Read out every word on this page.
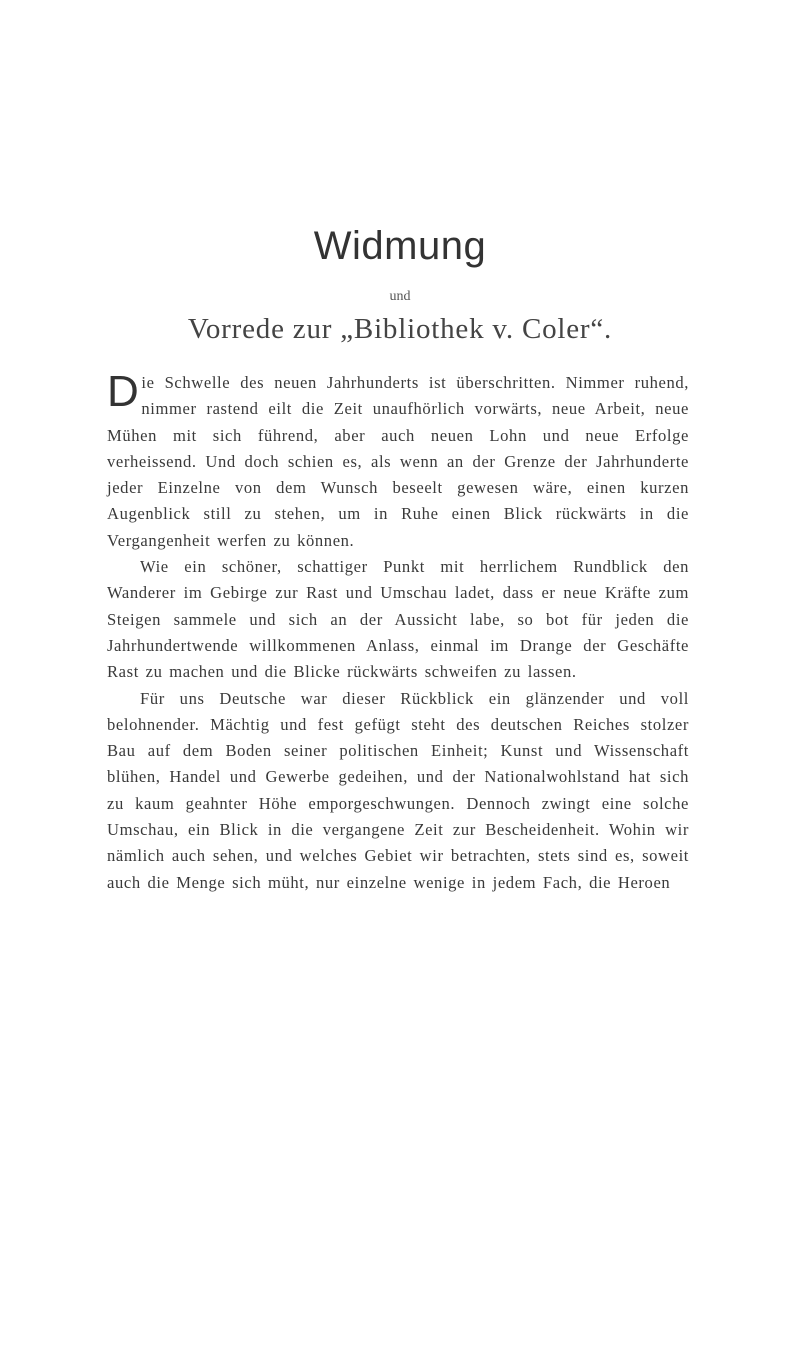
Widmung
und
Vorrede zur „Bibliothek v. Coler“.

Die Schwelle des neuen Jahrhunderts ist überschritten. Nimmer ruhend, nimmer rastend eilt die Zeit unaufhörlich vorwärts, neue Arbeit, neue Mühen mit sich führend, aber auch neuen Lohn und neue Erfolge verheissend. Und doch schien es, als wenn an der Grenze der Jahrhunderte jeder Einzelne von dem Wunsch beseelt gewesen wäre, einen kurzen Augenblick still zu stehen, um in Ruhe einen Blick rückwärts in die Vergangenheit werfen zu können.

Wie ein schöner, schattiger Punkt mit herrlichem Rundblick den Wanderer im Gebirge zur Rast und Umschau ladet, dass er neue Kräfte zum Steigen sammele und sich an der Aussicht labe, so bot für jeden die Jahrhundertwende willkommenen Anlass, einmal im Drange der Geschäfte Rast zu machen und die Blicke rückwärts schweifen zu lassen.

Für uns Deutsche war dieser Rückblick ein glänzender und voll belohnender. Mächtig und fest gefügt steht des deutschen Reiches stolzer Bau auf dem Boden seiner politischen Einheit; Kunst und Wissenschaft blühen, Handel und Gewerbe gedeihen, und der Nationalwohlstand hat sich zu kaum geahnter Höhe emporgeschwungen. Dennoch zwingt eine solche Umschau, ein Blick in die vergangene Zeit zur Bescheidenheit. Wohin wir nämlich auch sehen, und welches Gebiet wir betrachten, stets sind es, soweit auch die Menge sich müht, nur einzelne wenige in jedem Fach, die Heroen
